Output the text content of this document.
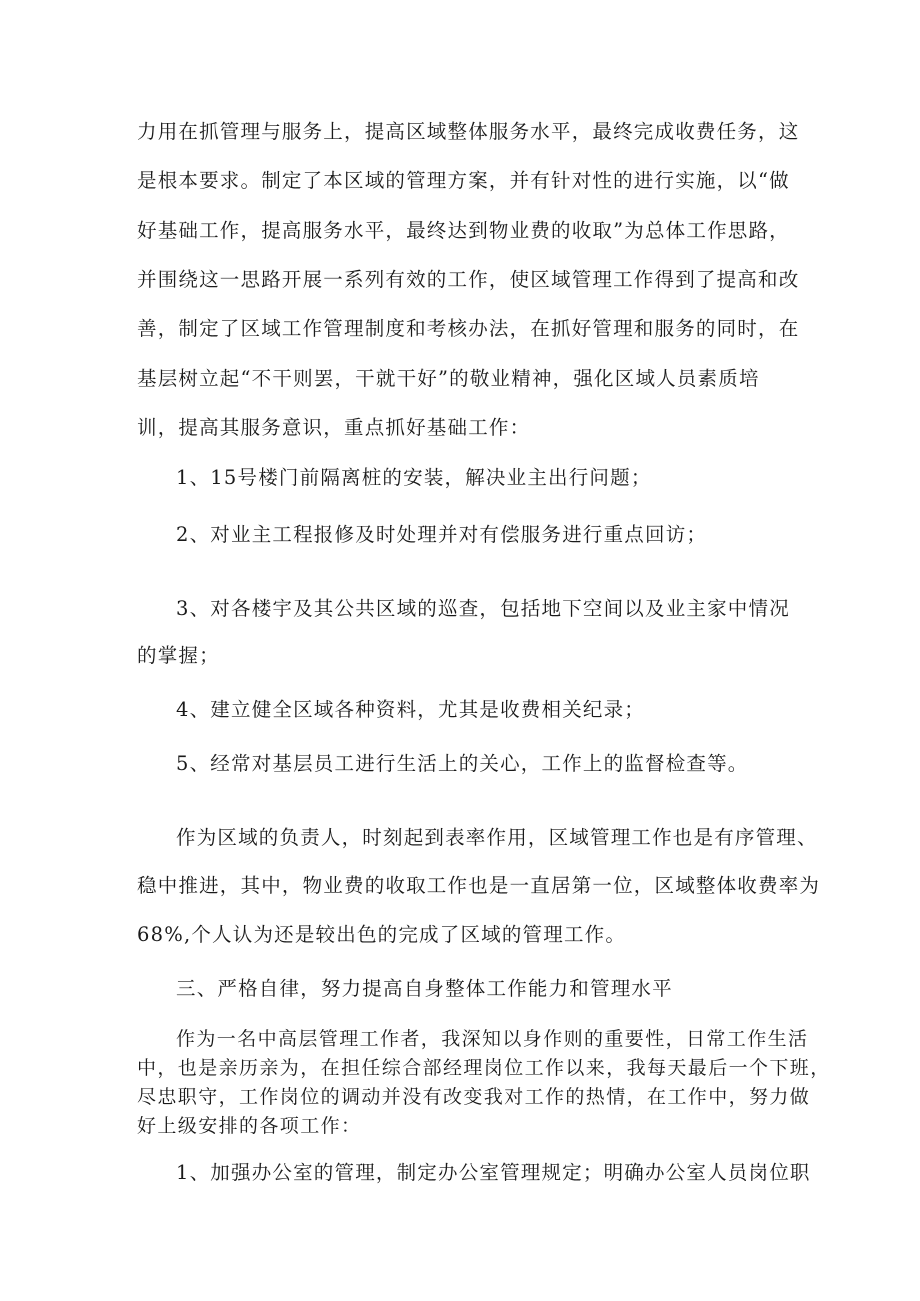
力用在抓管理与服务上，提高区域整体服务水平，最终完成收费任务，这
是根本要求。制定了本区域的管理方案，并有针对性的进行实施，以“做
好基础工作，提高服务水平，最终达到物业费的收取”为总体工作思路，
并围绕这一思路开展一系列有效的工作，使区域管理工作得到了提高和改
善，制定了区域工作管理制度和考核办法，在抓好管理和服务的同时，在
基层树立起“不干则罢，干就干好”的敬业精神，强化区域人员素质培
训，提高其服务意识，重点抓好基础工作：
1、15号楼门前隔离桩的安装，解决业主出行问题；
2、对业主工程报修及时处理并对有偿服务进行重点回访；
3、对各楼宇及其公共区域的巡查，包括地下空间以及业主家中情况
的掌握；
4、建立健全区域各种资料，尤其是收费相关纪录；
5、经常对基层员工进行生活上的关心，工作上的监督检查等。
作为区域的负责人，时刻起到表率作用，区域管理工作也是有序管理、
稳中推进，其中，物业费的收取工作也是一直居第一位，区域整体收费率为
68%,个人认为还是较出色的完成了区域的管理工作。
三、严格自律，努力提高自身整体工作能力和管理水平
作为一名中高层管理工作者，我深知以身作则的重要性，日常工作生活
中，也是亲历亲为，在担任综合部经理岗位工作以来，我每天最后一个下班，
尽忠职守，工作岗位的调动并没有改变我对工作的热情，在工作中，努力做
好上级安排的各项工作：
1、加强办公室的管理，制定办公室管理规定；明确办公室人员岗位职
